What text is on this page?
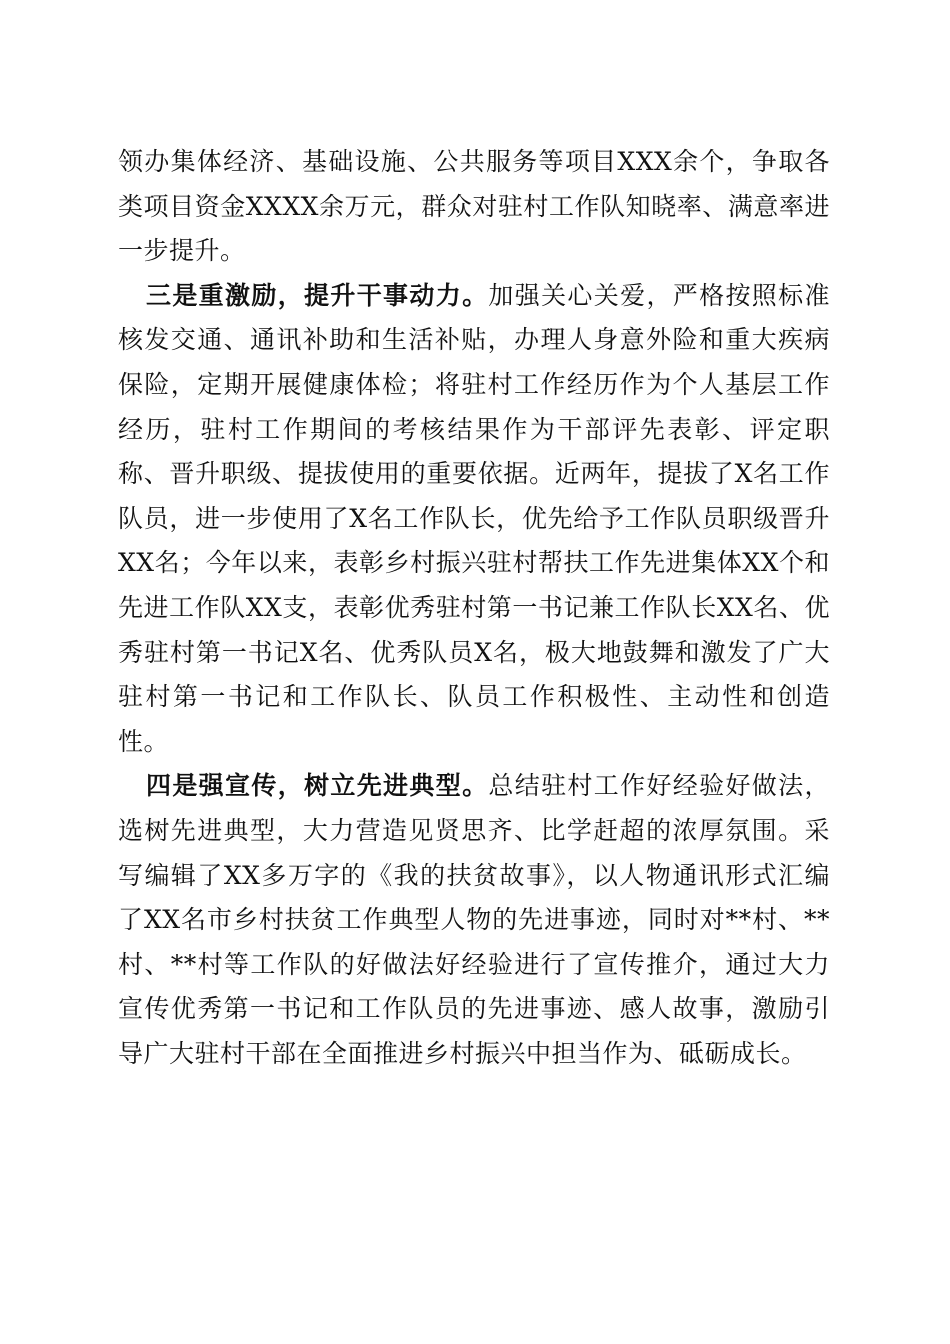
领办集体经济、基础设施、公共服务等项目XXX余个，争取各类项目资金XXXX余万元，群众对驻村工作队知晓率、满意率进一步提升。

三是重激励，提升干事动力。加强关心关爱，严格按照标准核发交通、通讯补助和生活补贴，办理人身意外险和重大疾病保险，定期开展健康体检；将驻村工作经历作为个人基层工作经历，驻村工作期间的考核结果作为干部评先表彰、评定职称、晋升职级、提拔使用的重要依据。近两年，提拔了X名工作队员，进一步使用了X名工作队长，优先给予工作队员职级晋升XX名；今年以来，表彰乡村振兴驻村帮扶工作先进集体XX个和先进工作队XX支，表彰优秀驻村第一书记兼工作队长XX名、优秀驻村第一书记X名、优秀队员X名，极大地鼓舞和激发了广大驻村第一书记和工作队长、队员工作积极性、主动性和创造性。

四是强宣传，树立先进典型。总结驻村工作好经验好做法，选树先进典型，大力营造见贤思齐、比学赶超的浓厚氛围。采写编辑了XX多万字的《我的扶贫故事》，以人物通讯形式汇编了XX名市乡村扶贫工作典型人物的先进事迹，同时对**村、**村、**村等工作队的好做法好经验进行了宣传推介，通过大力宣传优秀第一书记和工作队员的先进事迹、感人故事，激励引导广大驻村干部在全面推进乡村振兴中担当作为、砥砺成长。
